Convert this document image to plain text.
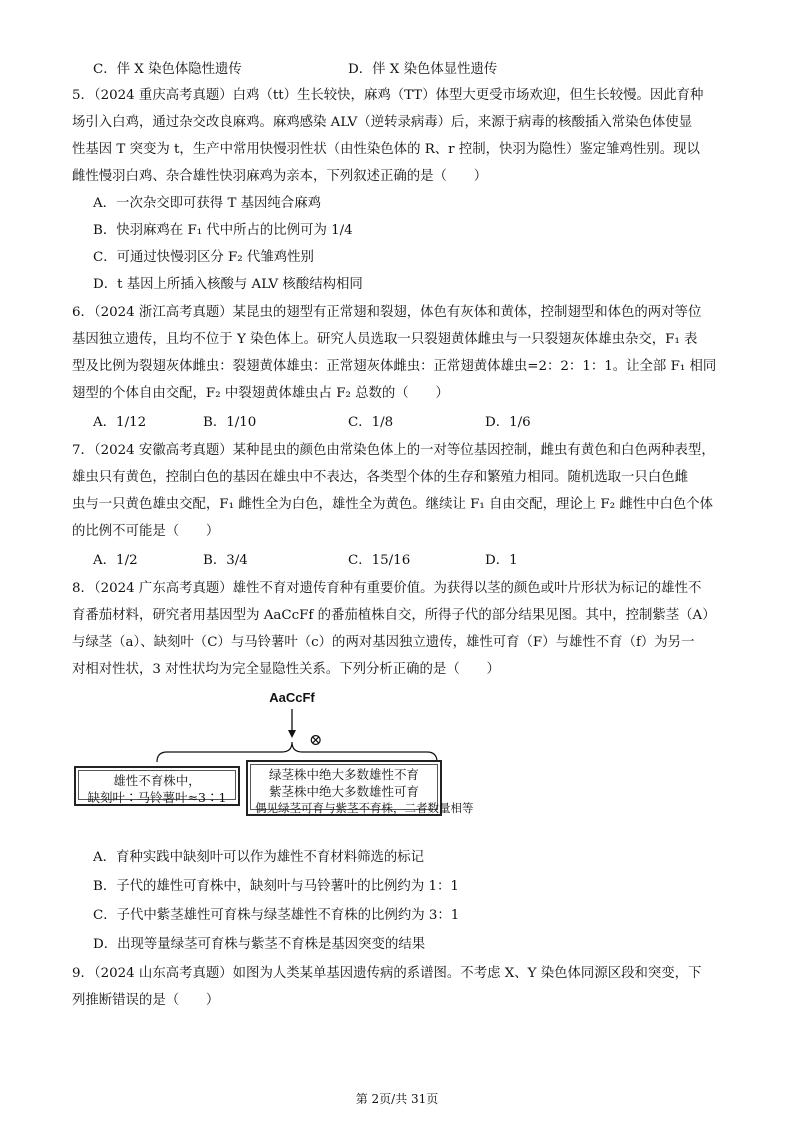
C．伴 X 染色体隐性遗传	D．伴 X 染色体显性遗传
5．（2024 重庆高考真题）白鸡（tt）生长较快，麻鸡（TT）体型大更受市场欢迎，但生长较慢。因此育种
场引入白鸡，通过杂交改良麻鸡。麻鸡感染 ALV（逆转录病毒）后，来源于病毒的核酸插入常染色体使显
性基因 T 突变为 t，生产中常用快慢羽性状（由性染色体的 R、r 控制，快羽为隐性）鉴定雏鸡性别。现以
雌性慢羽白鸡、杂合雄性快羽麻鸡为亲本，下列叙述正确的是（　　）
A．一次杂交即可获得 T 基因纯合麻鸡
B．快羽麻鸡在 F₁ 代中所占的比例可为 1/4
C．可通过快慢羽区分 F₂ 代雏鸡性别
D．t 基因上所插入核酸与 ALV 核酸结构相同
6．（2024 浙江高考真题）某昆虫的翅型有正常翅和裂翅，体色有灰体和黄体，控制翅型和体色的两对等位
基因独立遗传，且均不位于 Y 染色体上。研究人员选取一只裂翅黄体雌虫与一只裂翅灰体雄虫杂交，F₁ 表
型及比例为裂翅灰体雌虫：裂翅黄体雄虫：正常翅灰体雌虫：正常翅黄体雄虫=2：2：1：1。让全部 F₁ 相同
翅型的个体自由交配，F₂ 中裂翅黄体雄虫占 F₂ 总数的（　　）
A．1/12	B．1/10	C．1/8	D．1/6
7．（2024 安徽高考真题）某种昆虫的颜色由常染色体上的一对等位基因控制，雌虫有黄色和白色两种表型，
雄虫只有黄色，控制白色的基因在雄虫中不表达，各类型个体的生存和繁殖力相同。随机选取一只白色雌
虫与一只黄色雄虫交配，F₁ 雌性全为白色，雄性全为黄色。继续让 F₁ 自由交配，理论上 F₂ 雌性中白色个体
的比例不可能是（　　）
A．1/2	B．3/4	C．15/16	D．1
8．（2024 广东高考真题）雄性不育对遗传育种有重要价值。为获得以茎的颜色或叶片形状为标记的雄性不
育番茄材料，研究者用基因型为 AaCcFf 的番茄植株自交，所得子代的部分结果见图。其中，控制紫茎（A）
与绿茎（a）、缺刻叶（C）与马铃薯叶（c）的两对基因独立遗传，雄性可育（F）与雄性不育（f）为另一
对相对性状，3 对性状均为完全显隐性关系。下列分析正确的是（　　）
AaCcFf
⊗
雄性不育株中，
缺刻叶∶马铃薯叶≈3∶1
绿茎株中绝大多数雄性不育
紫茎株中绝大多数雄性可育
偶见绿茎可育与紫茎不育株，二者数量相等
A．育种实践中缺刻叶可以作为雄性不育材料筛选的标记
B．子代的雄性可育株中，缺刻叶与马铃薯叶的比例约为 1：1
C．子代中紫茎雄性可育株与绿茎雄性不育株的比例约为 3：1
D．出现等量绿茎可育株与紫茎不育株是基因突变的结果
9．（2024 山东高考真题）如图为人类某单基因遗传病的系谱图。不考虑 X、Y 染色体同源区段和突变，下
列推断错误的是（　　）
第 2页/共 31页
